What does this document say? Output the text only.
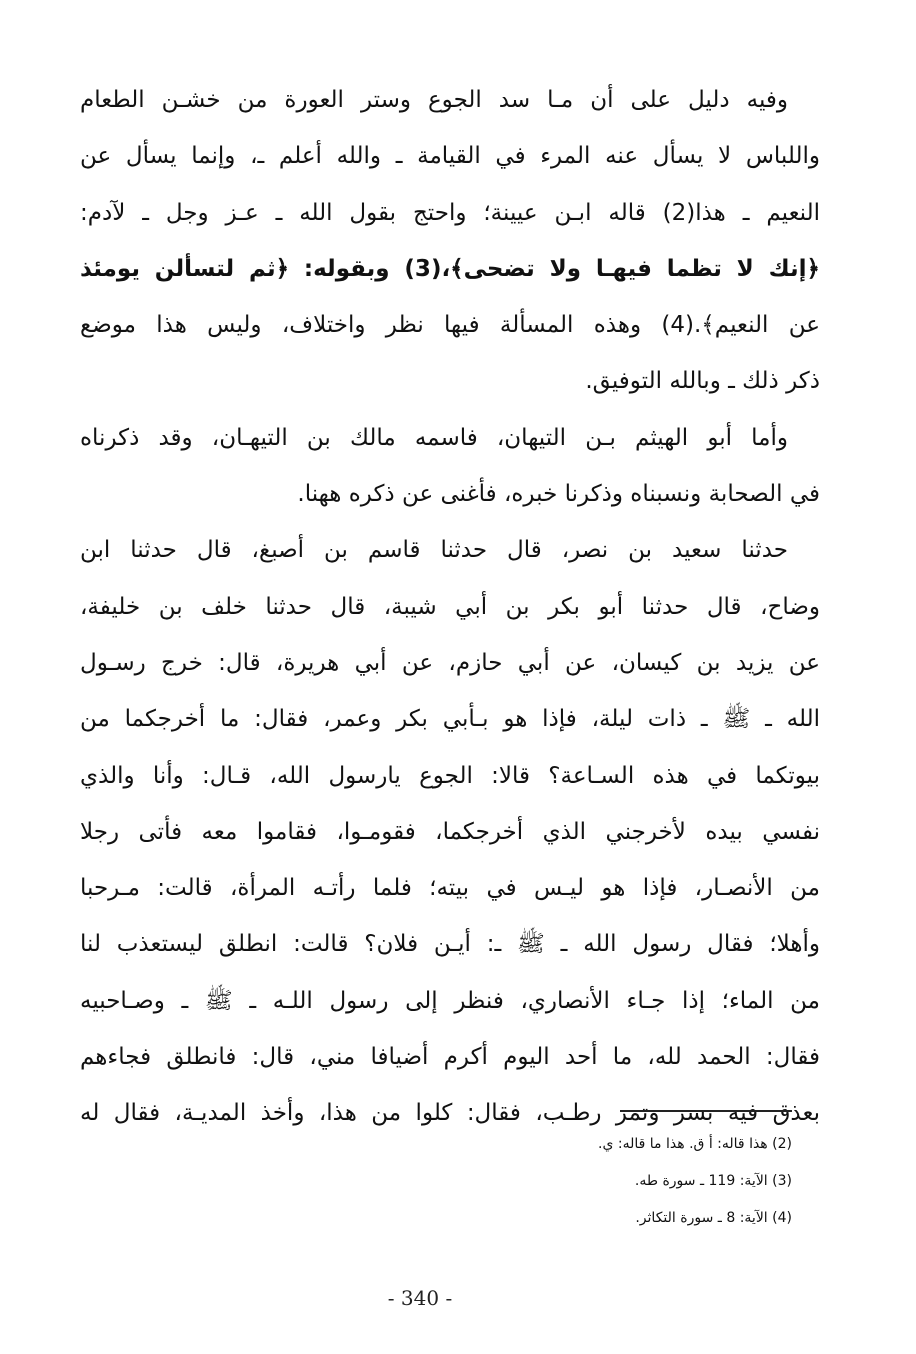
وفيه دليل على أن مـا سد الجوع وستر العورة من خشـن الطعام
واللباس لا يسأل عنه المرء في القيامة ـ والله أعلم ـ، وإنما يسأل عن
النعيم ـ هذا(2) قاله ابـن عيينة؛ واحتج بقول الله ـ عـز وجل ـ لآدم:
﴿إنك لا تظما فيهـا ولا تضحى﴾،(3) وبقوله: ﴿ثم لتسألن يومئذ
عن النعيم﴾.(4) وهذه المسألة فيها نظر واختلاف، وليس هذا موضع
ذكر ذلك ـ وبالله التوفيق.
وأما أبو الهيثم بـن التيهان، فاسمه مالك بن التيهـان، وقد ذكرناه
في الصحابة ونسبناه وذكرنا خبره، فأغنى عن ذكره ههنا.
حدثنا سعيد بن نصر، قال حدثنا قاسم بن أصبغ، قال حدثنا ابن
وضاح، قال حدثنا أبو بكر بن أبي شيبة، قال حدثنا خلف بن خليفة،
عن يزيد بن كيسان، عن أبي حازم، عن أبي هريرة، قال: خرج رسـول
الله ـ ﷺ ـ ذات ليلة، فإذا هو بـأبي بكر وعمر، فقال: ما أخرجكما من
بيوتكما في هذه السـاعة؟ قالا: الجوع يارسول الله، قـال: وأنا والذي
نفسي بيده لأخرجني الذي أخرجكما، فقومـوا، فقاموا معه فأتى رجلا
من الأنصـار، فإذا هو ليـس في بيته؛ فلما رأتـه المرأة، قالت: مـرحبا
وأهلا؛ فقال رسول الله ـ ﷺ ـ: أيـن فلان؟ قالت: انطلق ليستعذب لنا
من الماء؛ إذا جـاء الأنصاري، فنظر إلى رسول اللـه ـ ﷺ ـ وصـاحبيه
فقال: الحمد لله، ما أحد اليوم أكرم أضيافا مني، قال: فانطلق فجاءهم
بعذق فيه بسر وتمر رطـب، فقال: كلوا من هذا، وأخذ المديـة، فقال له
(2) هذا قاله: أ ق. هذا ما قاله: ي.
(3) الآية: 119 ـ سورة طه.
(4) الآية: 8 ـ سورة التكاثر.
- 340 -
